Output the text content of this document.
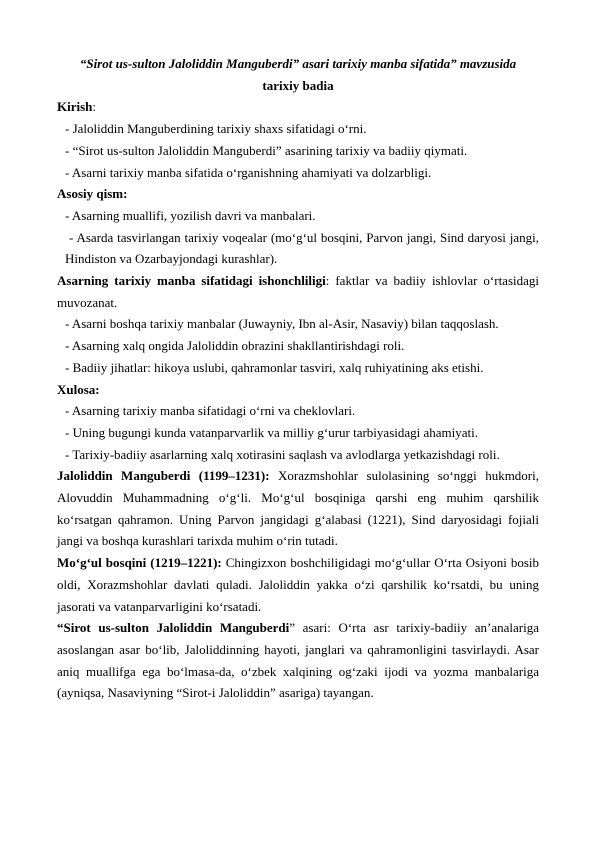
“Sirot us-sulton Jaloliddin Manguberdi” asari tarixiy manba sifatida” mavzusida
tarixiy badia

Kirish:

- Jaloliddin Manguberdining tarixiy shaxs sifatidagi o‘rni.

- “Sirot us-sulton Jaloliddin Manguberdi” asarining tarixiy va badiiy qiymati.

- Asarni tarixiy manba sifatida o‘rganishning ahamiyati va dolzarbligi.

Asosiy qism:

- Asarning muallifi, yozilish davri va manbalari.

- Asarda tasvirlangan tarixiy voqealar (mo‘g‘ul bosqini, Parvon jangi, Sind daryosi jangi, Hindiston va Ozarbayjondagi kurashlar).

Asarning tarixiy manba sifatidagi ishonchliligi: faktlar va badiiy ishlovlar o‘rtasidagi muvozanat.

- Asarni boshqa tarixiy manbalar (Juwayniy, Ibn al-Asir, Nasaviy) bilan taqqoslash.

- Asarning xalq ongida Jaloliddin obrazini shakllantirishdagi roli.

- Badiiy jihatlar: hikoya uslubi, qahramonlar tasviri, xalq ruhiyatining aks etishi.

Xulosa:

- Asarning tarixiy manba sifatidagi o‘rni va cheklovlari.

- Uning bugungi kunda vatanparvarlik va milliy g‘urur tarbiyasidagi ahamiyati.

- Tarixiy-badiiy asarlarning xalq xotirasini saqlash va avlodlarga yetkazishdagi roli.

Jaloliddin Manguberdi (1199–1231): Xorazmshohlar sulolasining so‘nggi hukmdori, Alovuddin Muhammadning o‘g‘li. Mo‘g‘ul bosqiniga qarshi eng muhim qarshilik ko‘rsatgan qahramon. Uning Parvon jangidagi g‘alabasi (1221), Sind daryosidagi fojiali jangi va boshqa kurashlari tarixda muhim o‘rin tutadi.

Mo‘g‘ul bosqini (1219–1221): Chingizxon boshchiligidagi mo‘g‘ullar O‘rta Osiyoni bosib oldi, Xorazmshohlar davlati quladi. Jaloliddin yakka o‘zi qarshilik ko‘rsatdi, bu uning jasorati va vatanparvarligini ko‘rsatadi.

“Sirot us-sulton Jaloliddin Manguberdi” asari: O‘rta asr tarixiy-badiiy an’analariga asoslangan asar bo‘lib, Jaloliddinning hayoti, janglari va qahramonligini tasvirlaydi. Asar aniq muallifga ega bo‘lmasa-da, o‘zbek xalqining og‘zaki ijodi va yozma manbalariga (ayniqsa, Nasaviyning “Sirot-i Jaloliddin” asariga) tayangan.
